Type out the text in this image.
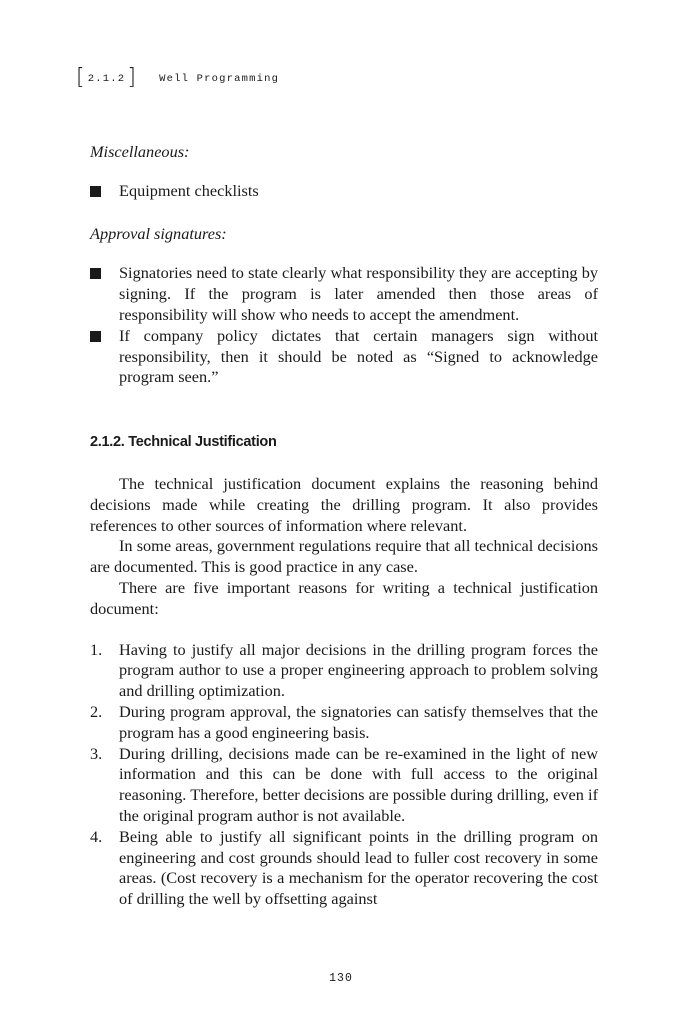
[ 2.1.2 ] Well Programming

Miscellaneous:

Equipment checklists

Approval signatures:

Signatories need to state clearly what responsibility they are accepting by signing. If the program is later amended then those areas of responsibility will show who needs to accept the amendment.
If company policy dictates that certain managers sign without responsibility, then it should be noted as “Signed to acknowledge program seen.”
2.1.2. Technical Justification

The technical justification document explains the reasoning behind decisions made while creating the drilling program. It also provides references to other sources of information where relevant.

In some areas, government regulations require that all technical decisions are documented. This is good practice in any case.

There are five important reasons for writing a technical justification document:

1. Having to justify all major decisions in the drilling program forces the program author to use a proper engineering approach to problem solving and drilling optimization.
2. During program approval, the signatories can satisfy themselves that the program has a good engineering basis.
3. During drilling, decisions made can be re-examined in the light of new information and this can be done with full access to the original reasoning. Therefore, better decisions are possible during drilling, even if the original program author is not available.
4. Being able to justify all significant points in the drilling program on engineering and cost grounds should lead to fuller cost recovery in some areas. (Cost recovery is a mechanism for the operator recovering the cost of drilling the well by offsetting against
130
